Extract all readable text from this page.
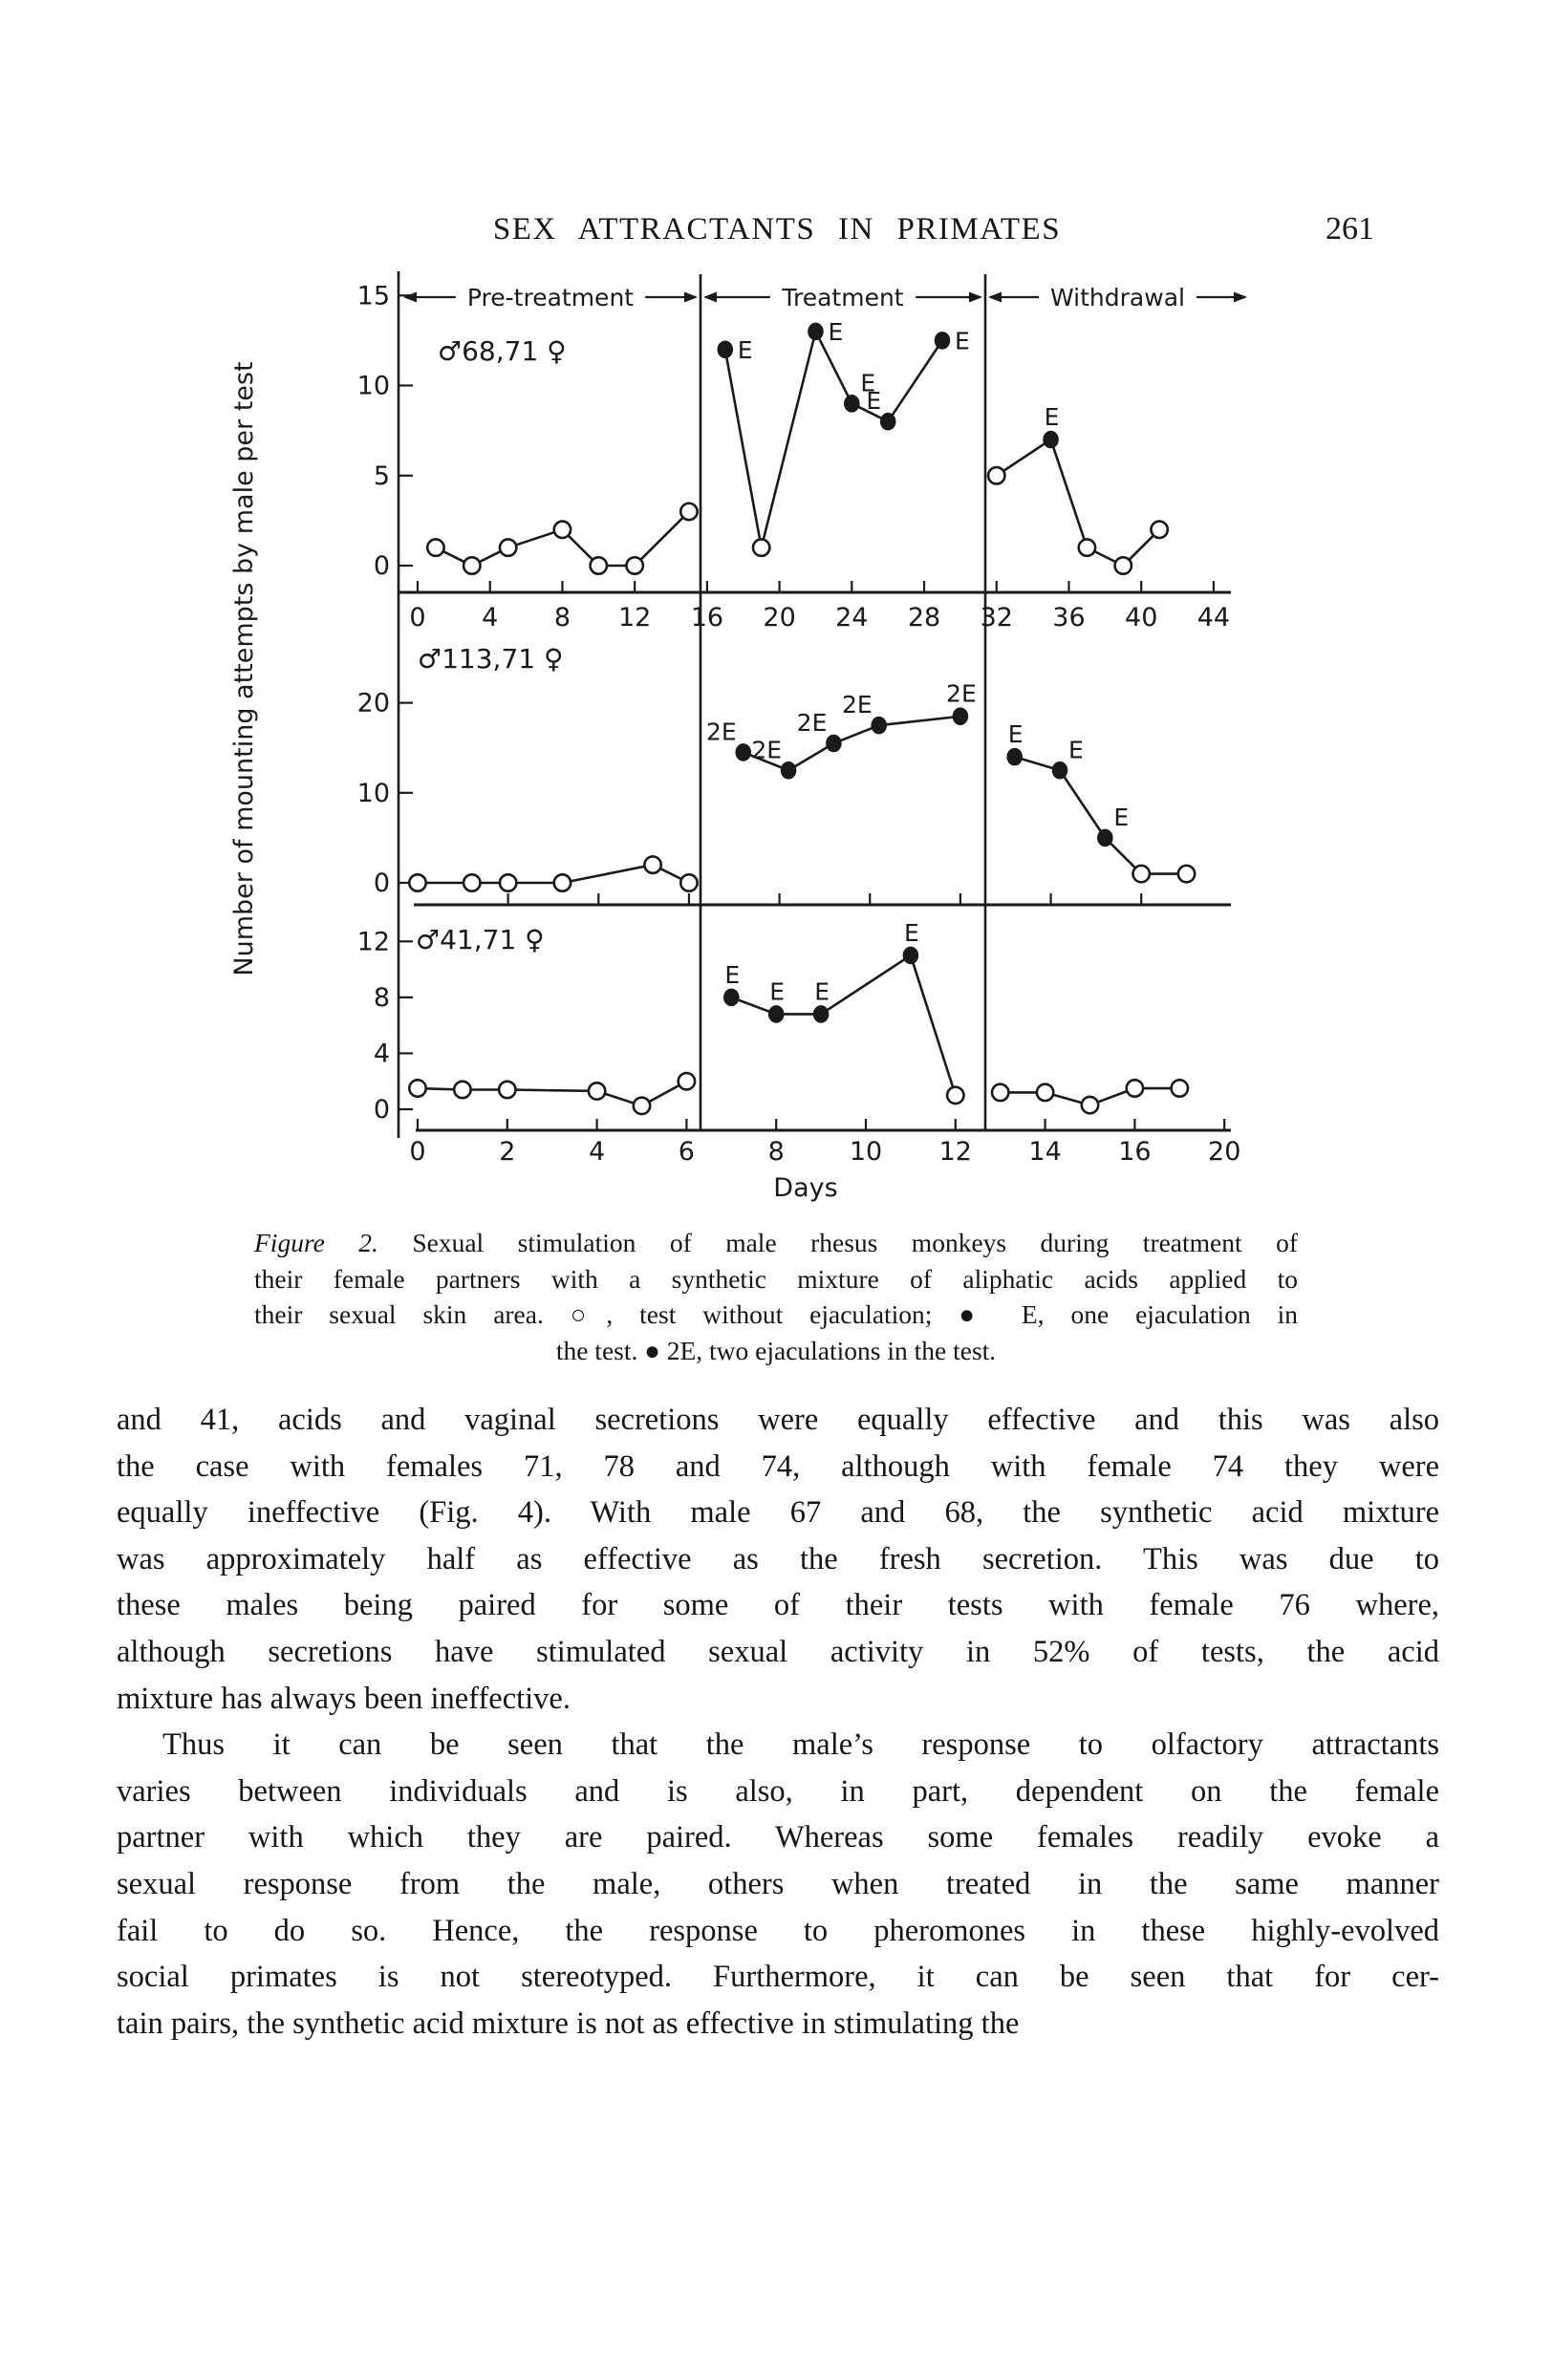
SEX ATTRACTANTS IN PRIMATES	261
Pre-treatment	Treatment	Withdrawal
0 4 8 12 16 20 24 28 32 36 40 44
0
5
10
15
♂68,71 ♀	E
E
E
E
E
E
0
10
20
♂113,71 ♀
2E
2E
2E
2E	2E
E
E
E
0	2	4	6	8	10 12 14 16 20
0
4
8
12 ♂41,71 ♀
E
E E
E
Number of mounting attempts by male per test
Days
Figure 2. Sexual stimulation of male rhesus monkeys during treatment of
their female partners with a synthetic mixture of aliphatic acids applied to
their sexual skin area. ○, test without ejaculation; ● E, one ejaculation in
the test. ● 2E, two ejaculations in the test.
and 41, acids and vaginal secretions were equally effective and this was also
the case with females 71, 78 and 74, although with female 74 they were
equally ineffective (Fig. 4). With male 67 and 68, the synthetic acid mixture
was approximately half as effective as the fresh secretion. This was due to
these males being paired for some of their tests with female 76 where,
although secretions have stimulated sexual activity in 52% of tests, the acid
mixture has always been ineffective.
Thus it can be seen that the male’s response to olfactory attractants
varies between individuals and is also, in part, dependent on the female
partner with which they are paired. Whereas some females readily evoke a
sexual response from the male, others when treated in the same manner
fail to do so. Hence, the response to pheromones in these highly-evolved
social primates is not stereotyped. Furthermore, it can be seen that for cer-
tain pairs, the synthetic acid mixture is not as effective in stimulating the
